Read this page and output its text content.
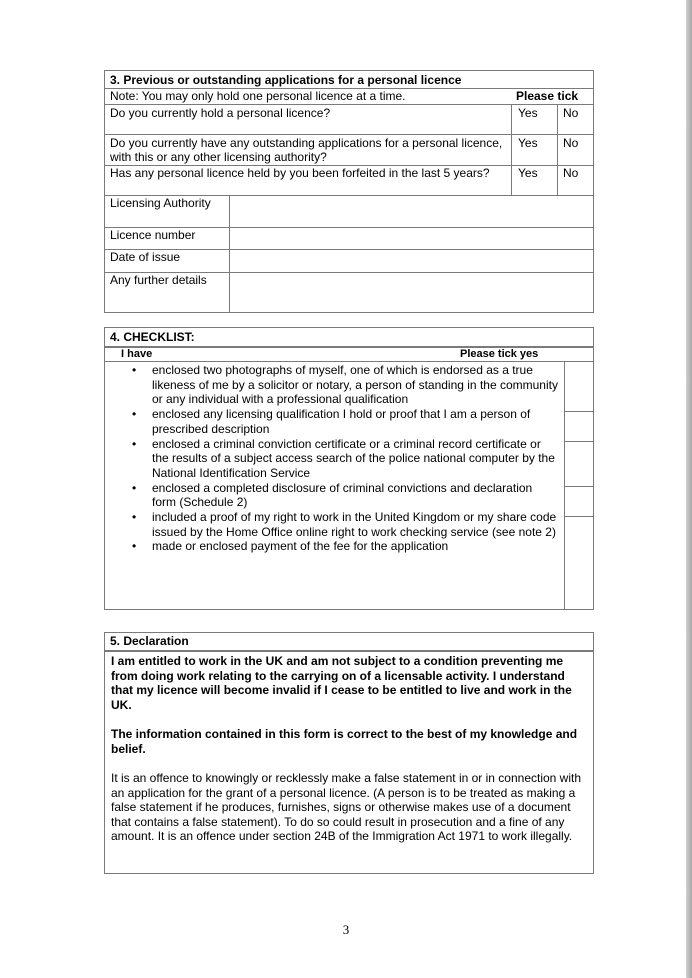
3. Previous or outstanding applications for a personal licence
Note: You may only hold one personal licence at a time.	Please tick
Do you currently hold a personal licence?	Yes No
Do you currently have any outstanding applications for a personal licence, with this or any other licensing authority?
Yes No
Has any personal licence held by you been forfeited in the last 5 years?	Yes No
Licensing Authority
Licence number
Date of issue
Any further details
4. CHECKLIST:
I have	Please tick yes
• enclosed two photographs of myself, one of which is endorsed as a true likeness of me by a solicitor or notary, a person of standing in the community or any individual with a professional qualification
• enclosed any licensing qualification I hold or proof that I am a person of prescribed description
• enclosed a criminal conviction certificate or a criminal record certificate or the results of a subject access search of the police national computer by the National Identification Service
• enclosed a completed disclosure of criminal convictions and declaration form (Schedule 2)
• included a proof of my right to work in the United Kingdom or my share code issued by the Home Office online right to work checking service (see note 2)
• made or enclosed payment of the fee for the application
5. Declaration
I am entitled to work in the UK and am not subject to a condition preventing me from doing work relating to the carrying on of a licensable activity. I understand that my licence will become invalid if I cease to be entitled to live and work in the UK.
The information contained in this form is correct to the best of my knowledge and belief.
It is an offence to knowingly or recklessly make a false statement in or in connection with an application for the grant of a personal licence. (A person is to be treated as making a false statement if he produces, furnishes, signs or otherwise makes use of a document that contains a false statement). To do so could result in prosecution and a fine of any amount. It is an offence under section 24B of the Immigration Act 1971 to work illegally.
3
